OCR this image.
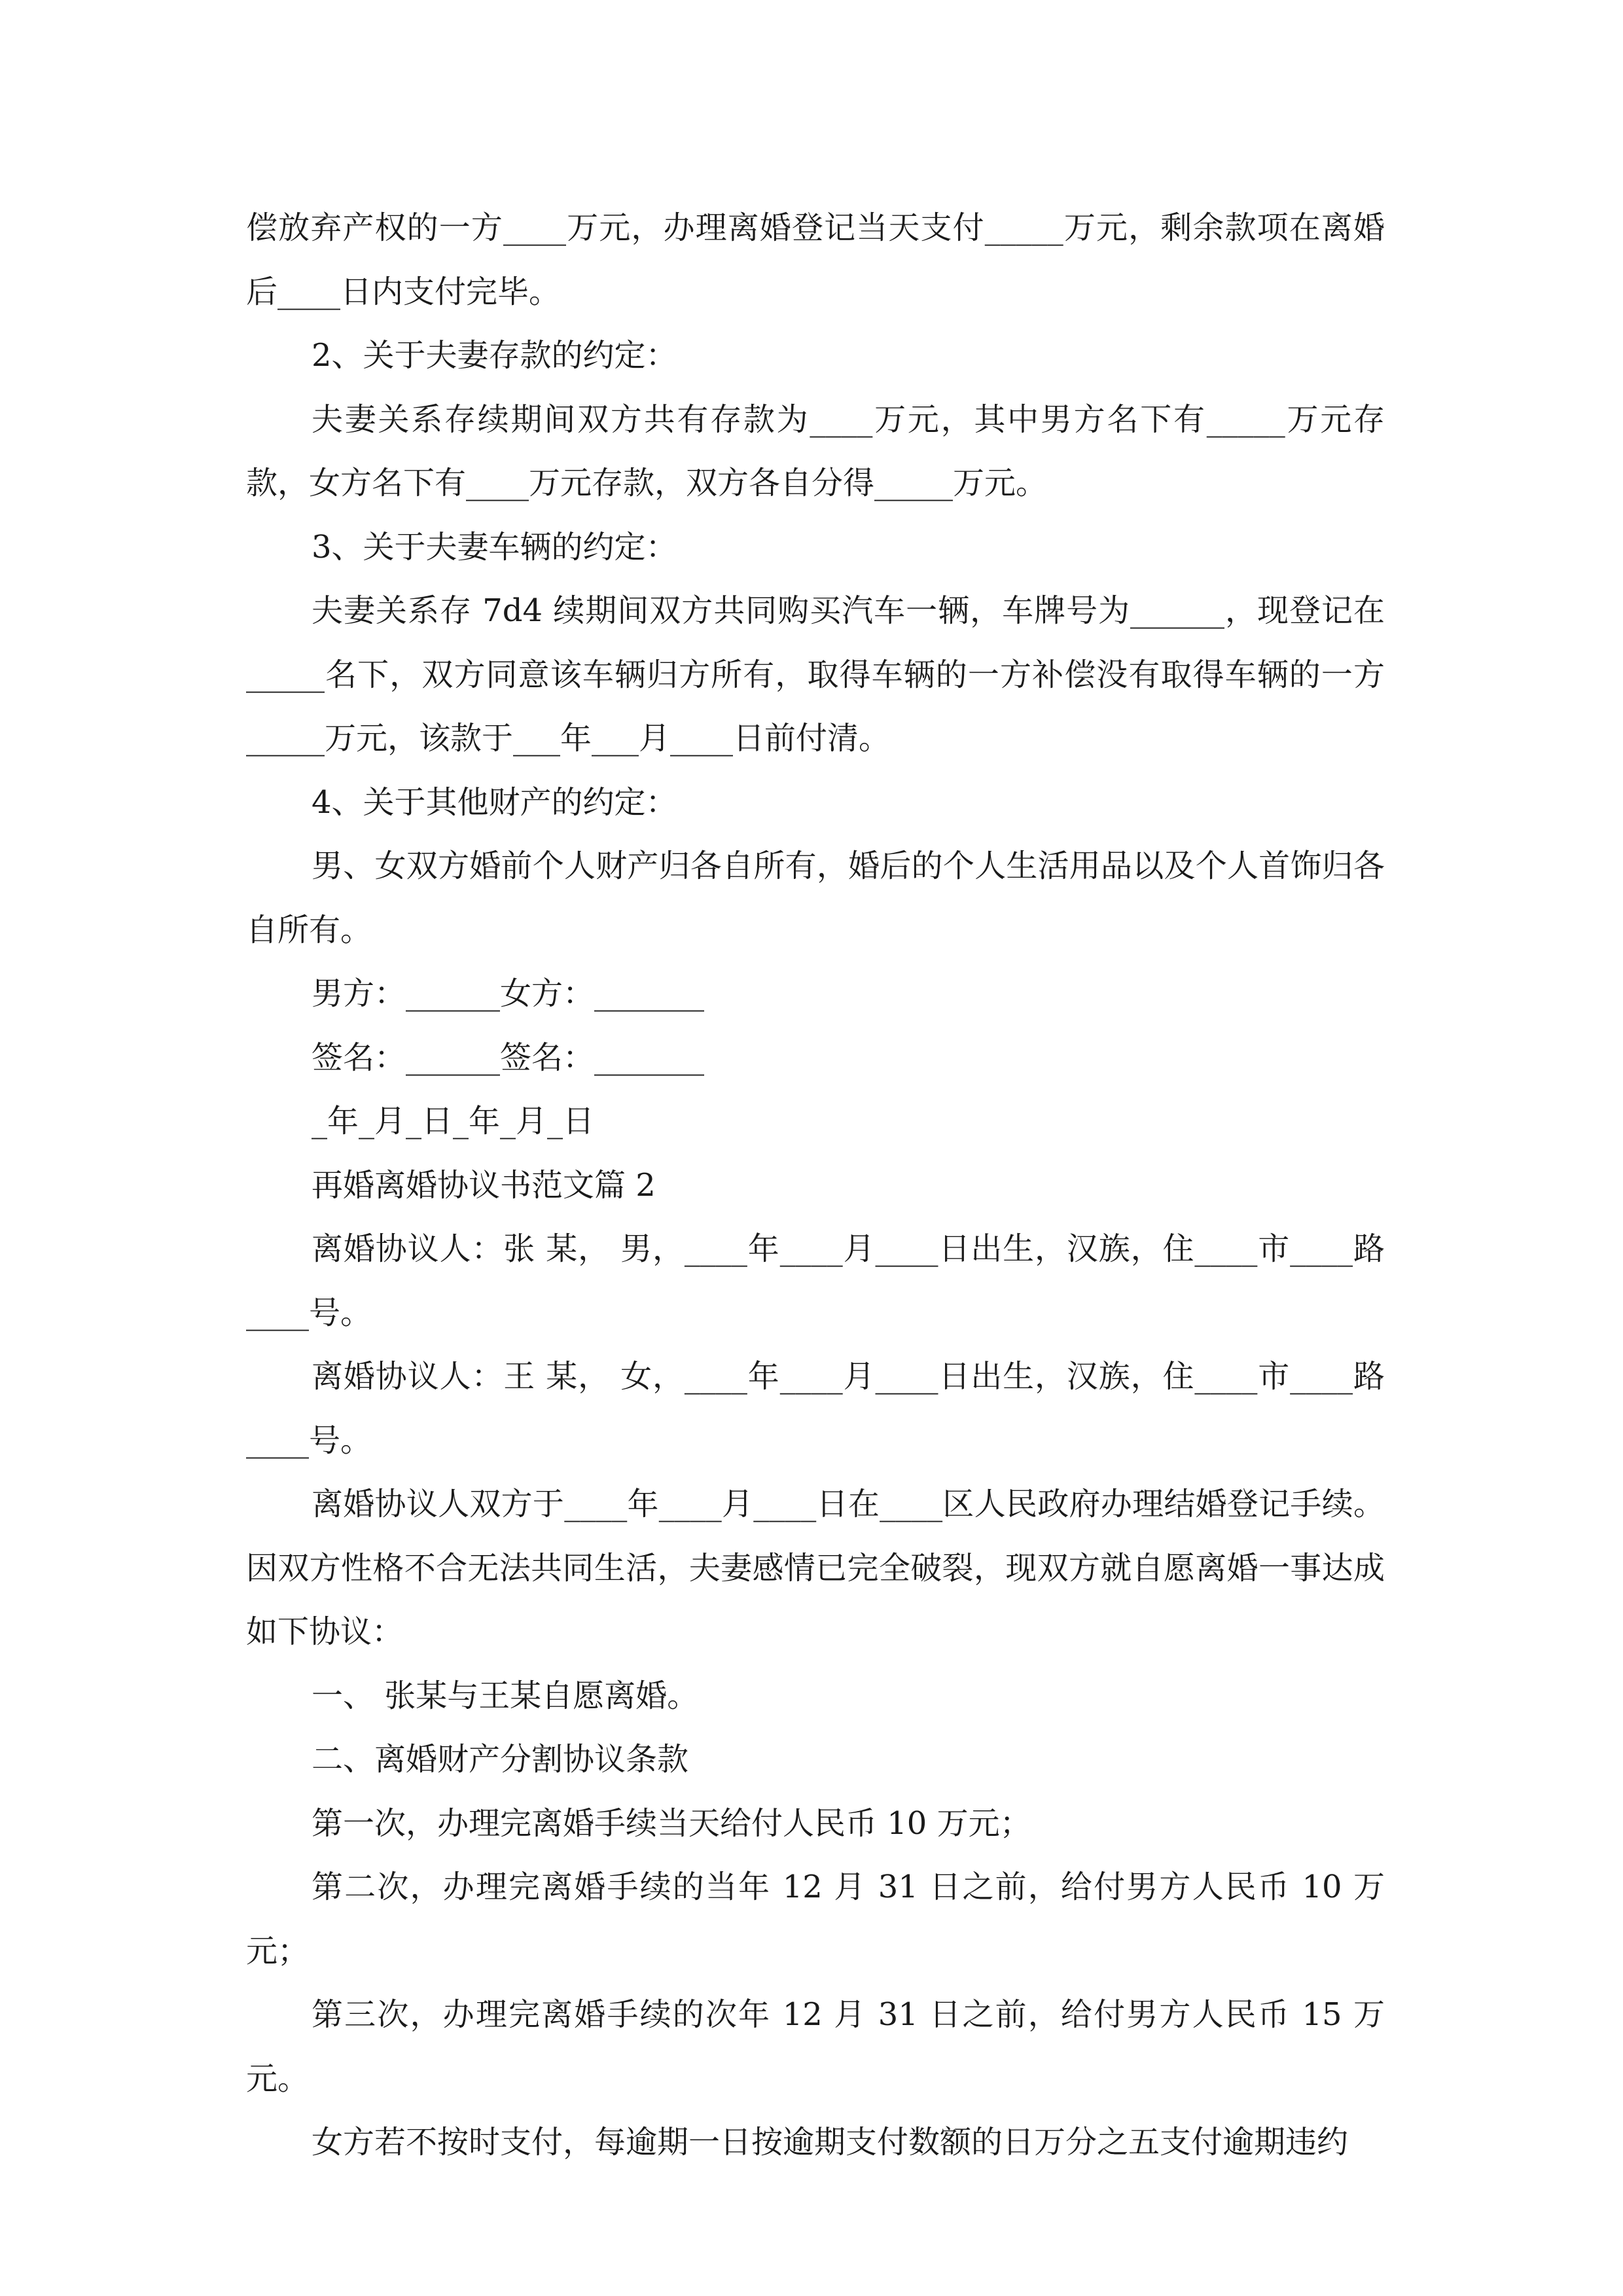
偿放弃产权的一方____万元，办理离婚登记当天支付_____万元，剩余款项在离婚后____日内支付完毕。

2、关于夫妻存款的约定：

夫妻关系存续期间双方共有存款为____万元，其中男方名下有_____万元存款，女方名下有____万元存款，双方各自分得_____万元。

3、关于夫妻车辆的约定：

夫妻关系存 7d4 续期间双方共同购买汽车一辆，车牌号为______，现登记在_____名下，双方同意该车辆归方所有，取得车辆的一方补偿没有取得车辆的一方_____万元，该款于___年___月____日前付清。

4、关于其他财产的约定：

男、女双方婚前个人财产归各自所有，婚后的个人生活用品以及个人首饰归各自所有。

男方：______女方：_______

签名：______签名：_______

_年_月_日_年_月_日

再婚离婚协议书范文篇 2

离婚协议人：张 某， 男，____年____月____日出生，汉族，住____市____路____号。

离婚协议人：王 某， 女，____年____月____日出生，汉族，住____市____路____号。

离婚协议人双方于____年____月____日在____区人民政府办理结婚登记手续。因双方性格不合无法共同生活，夫妻感情已完全破裂，现双方就自愿离婚一事达成如下协议：

一、 张某与王某自愿离婚。

二、离婚财产分割协议条款

第一次，办理完离婚手续当天给付人民币 10 万元；

第二次，办理完离婚手续的当年 12 月 31 日之前，给付男方人民币 10 万元；

第三次，办理完离婚手续的次年 12 月 31 日之前，给付男方人民币 15 万元。

女方若不按时支付，每逾期一日按逾期支付数额的日万分之五支付逾期违约
